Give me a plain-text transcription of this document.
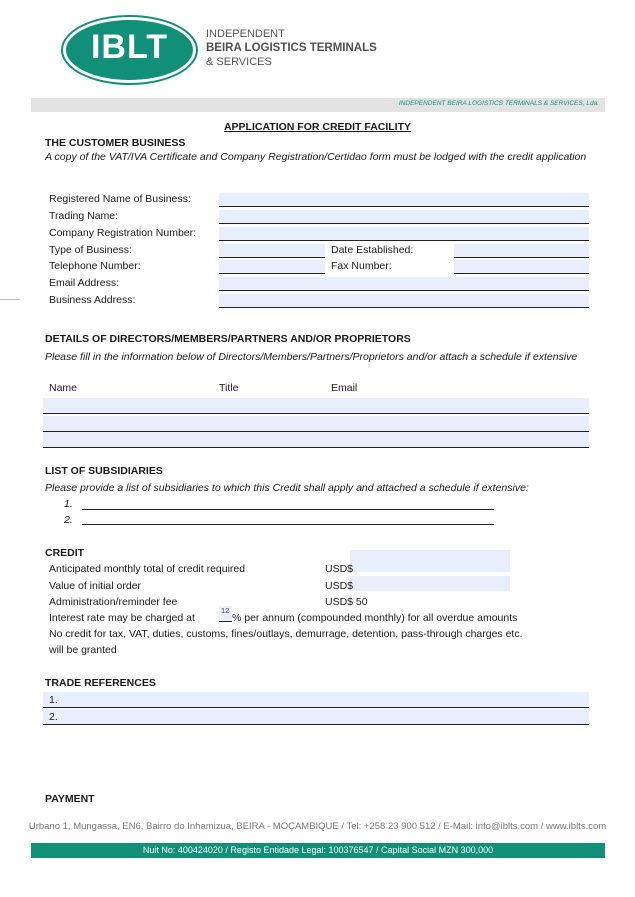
IBLT	INDEPENDENT
BEIRA LOGISTICS TERMINALS
& SERVICES
INDEPENDENT BEIRA LOGISTICS TERMINALS & SERVICES, Lda.
APPLICATION FOR CREDIT FACILITY
THE CUSTOMER BUSINESS
A copy of the VAT/IVA Certificate and Company Registration/Certidao form must be lodged with the credit application
Registered Name of Business:
Trading Name:
Company Registration Number:
Type of Business:	Date Established:
Telephone Number:	Fax Number:
Email Address:
Business Address:
DETAILS OF DIRECTORS/MEMBERS/PARTNERS AND/OR PROPRIETORS
Please fill in the information below of Directors/Members/Partners/Proprietors and/or attach a schedule if extensive
Name	Title	Email
LIST OF SUBSIDIARIES
Please provide a list of subsidiaries to which this Credit shall apply and attached a schedule if extensive:
1.
2.
CREDIT
Anticipated monthly total of credit required	USD$
Value of initial order	USD$
Administration/reminder fee	USD$ 50
Interest rate may be charged at
12
% per annum (compounded monthly) for all overdue amounts
No credit for tax, VAT, duties, customs, fines/outlays, demurrage, detention, pass-through charges etc.
will be granted
TRADE REFERENCES
1.
2.
PAYMENT
Urbano 1, Mungassa, EN6, Bairro do Inhamizua, BEIRA - MOÇAMBIQUE / Tel: +258 23 900 512 / E-Mail: info@iblts.com / www.iblts.com
Nuit No: 400424020 / Registo Entidade Legal: 100376547 / Capital Social MZN 300,000
